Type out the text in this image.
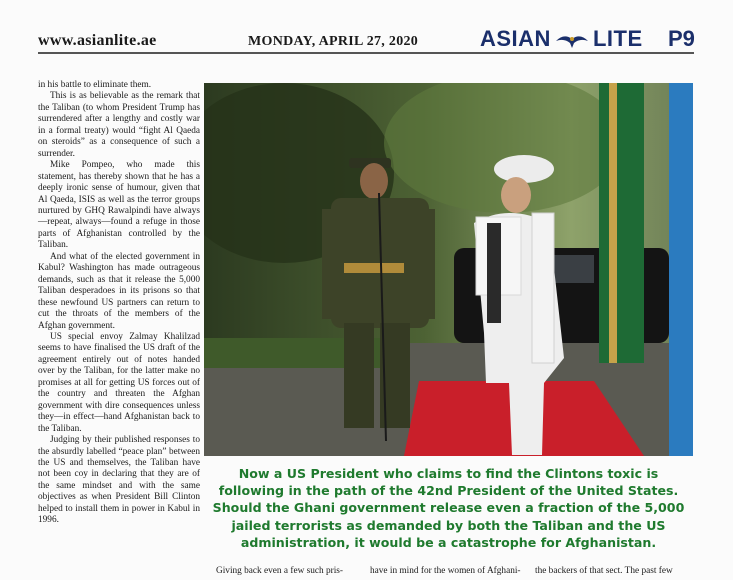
www.asianlite.ae	MONDAY, APRIL 27, 2020	ASIAN LITE P9

in his battle to eliminate them.

This is as believable as the remark that the Taliban (to whom President Trump has surrendered after a lengthy and costly war in a formal treaty) would “fight Al Qaeda on steroids” as a consequence of such a surrender.

Mike Pompeo, who made this statement, has thereby shown that he has a deeply ironic sense of humour, given that Al Qaeda, ISIS as well as the terror groups nurtured by GHQ Rawalpindi have always—repeat, always—found a refuge in those parts of Afghanistan controlled by the Taliban.

And what of the elected government in Kabul? Washington has made outrageous demands, such as that it release the 5,000 Taliban desperadoes in its prisons so that these newfound US partners can return to cut the throats of the members of the Afghan government.

US special envoy Zalmay Khalilzad seems to have finalised the US draft of the agreement entirely out of notes handed over by the Taliban, for the latter make no promises at all for getting US forces out of the country and threaten the Afghan government with dire consequences unless they—in effect—hand Afghanistan back to the Taliban.

Judging by their published responses to the absurdly labelled “peace plan” between the US and themselves, the Taliban have not been coy in declaring that they are of the same mindset and with the same objectives as when President Bill Clinton helped to install them in power in Kabul in 1996.

Now a US President who claims to find the Clintons toxic is following in the path of the 42nd President of the United States. Should the Ghani government release even a fraction of the 5,000 jailed terrorists as demanded by both the Taliban and the US administration, it would be a catastrophe for Afghanistan.
Giving back even a few such pris-	have in mind for the women of Afghani-	the backers of that sect. The past few
